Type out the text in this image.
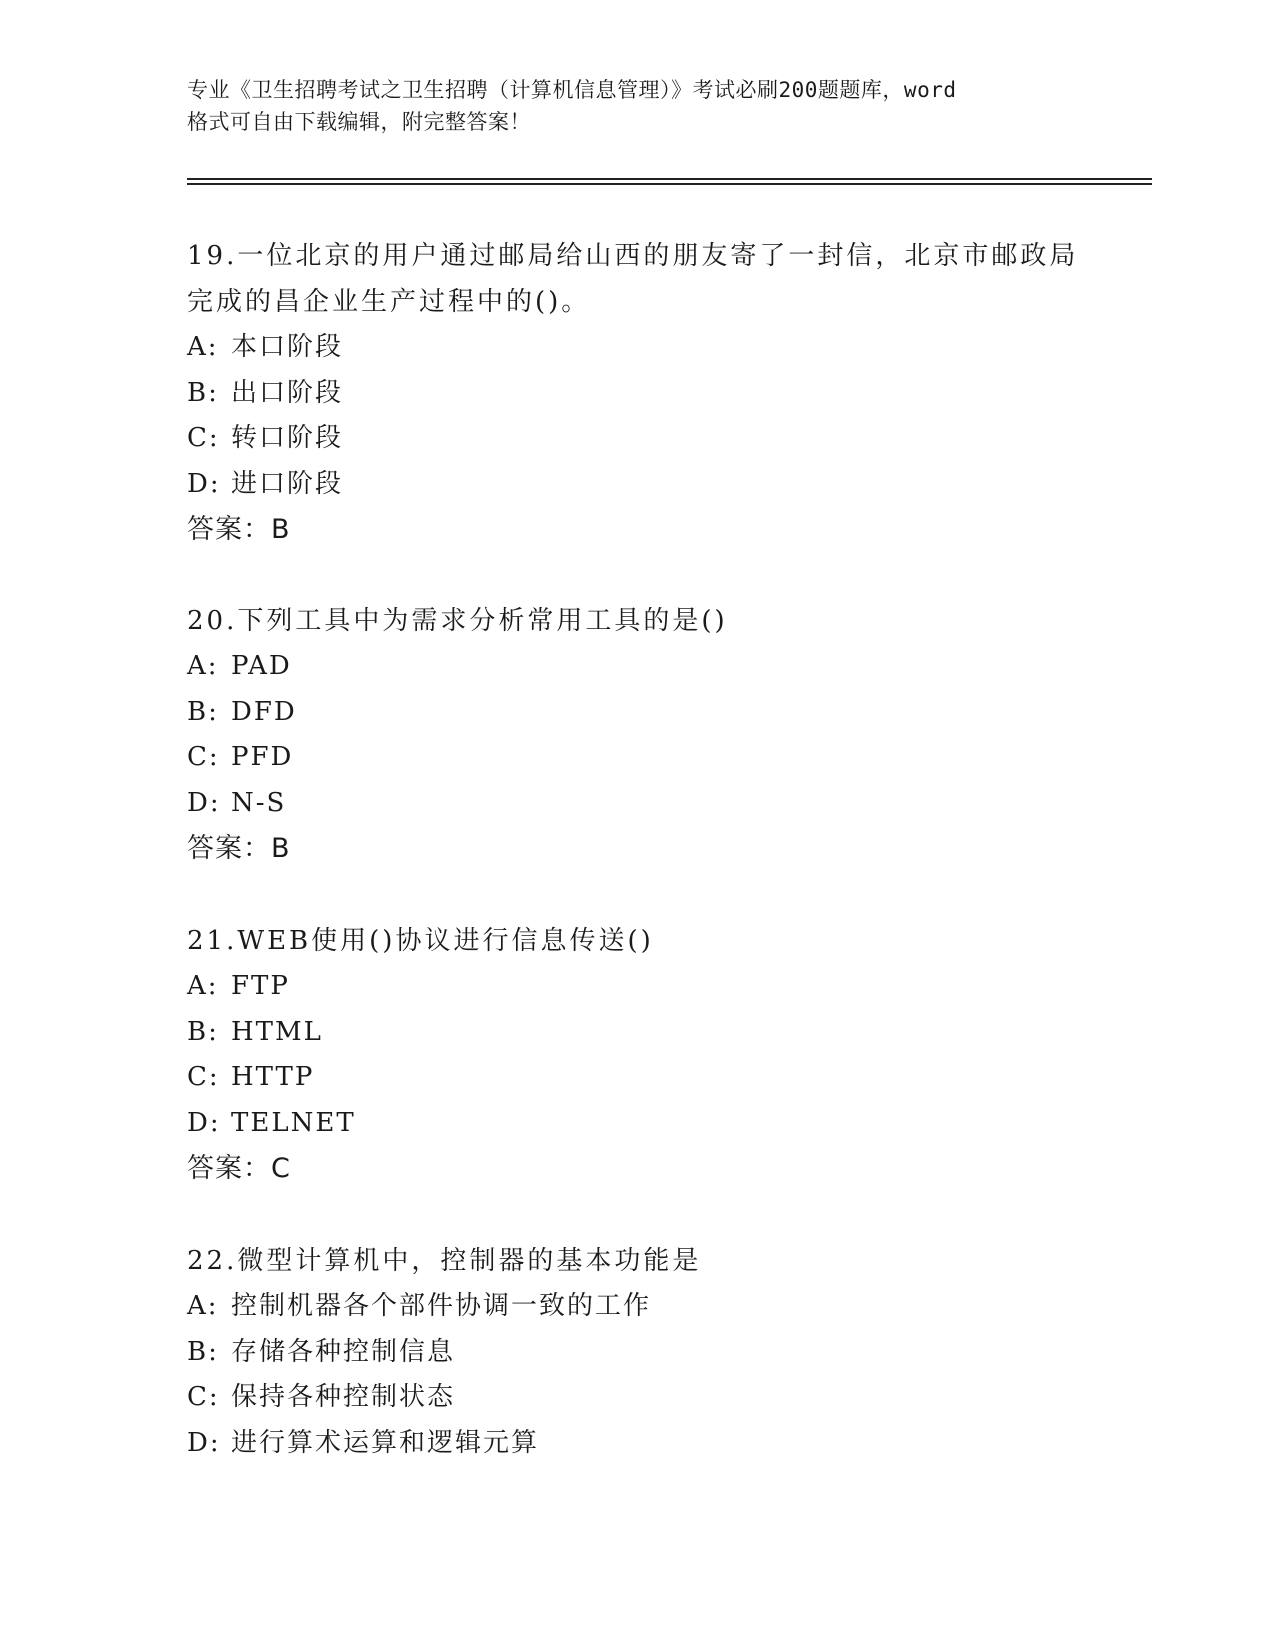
专业《卫生招聘考试之卫生招聘（计算机信息管理）》考试必刷200题题库，word
格式可自由下载编辑，附完整答案！

19.一位北京的用户通过邮局给山西的朋友寄了一封信，北京市邮政局

完成的昌企业生产过程中的()。

A: 本口阶段

B: 出口阶段

C: 转口阶段

D: 进口阶段

答案：B

20.下列工具中为需求分析常用工具的是()

A: PAD

B: DFD

C: PFD

D: N-S

答案：B

21.WEB使用()协议进行信息传送()

A: FTP

B: HTML

C: HTTP

D: TELNET

答案：C

22.微型计算机中，控制器的基本功能是

A: 控制机器各个部件协调一致的工作

B: 存储各种控制信息

C: 保持各种控制状态

D: 进行算术运算和逻辑元算
